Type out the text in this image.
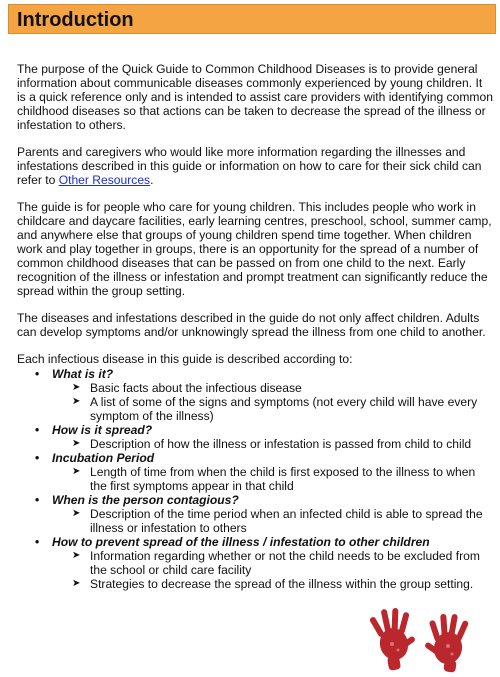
Introduction

The purpose of the Quick Guide to Common Childhood Diseases is to provide general information about communicable diseases commonly experienced by young children. It is a quick reference only and is intended to assist care providers with identifying common childhood diseases so that actions can be taken to decrease the spread of the illness or infestation to others.

Parents and caregivers who would like more information regarding the illnesses and infestations described in this guide or information on how to care for their sick child can refer to Other Resources.

The guide is for people who care for young children. This includes people who work in childcare and daycare facilities, early learning centres, preschool, school, summer camp, and anywhere else that groups of young children spend time together. When children work and play together in groups, there is an opportunity for the spread of a number of common childhood diseases that can be passed on from one child to the next. Early recognition of the illness or infestation and prompt treatment can significantly reduce the spread within the group setting.

The diseases and infestations described in the guide do not only affect children. Adults can develop symptoms and/or unknowingly spread the illness from one child to another.

Each infectious disease in this guide is described according to:
• What is it?
➤ Basic facts about the infectious disease
➤ A list of some of the signs and symptoms (not every child will have every symptom of the illness)
• How is it spread?
➤ Description of how the illness or infestation is passed from child to child
• Incubation Period
➤ Length of time from when the child is first exposed to the illness to when the first symptoms appear in that child
• When is the person contagious?
➤ Description of the time period when an infected child is able to spread the illness or infestation to others
• How to prevent spread of the illness / infestation to other children
➤ Information regarding whether or not the child needs to be excluded from the school or child care facility
➤ Strategies to decrease the spread of the illness within the group setting.
